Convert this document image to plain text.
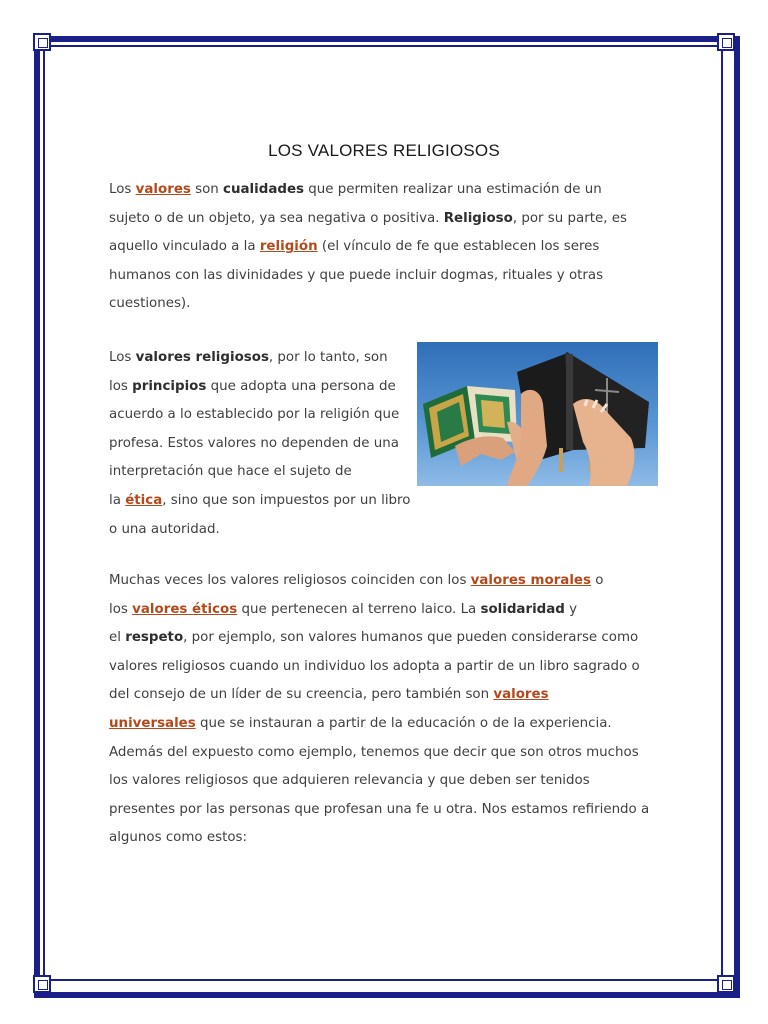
LOS VALORES RELIGIOSOS
Los valores son cualidades que permiten realizar una estimación de un
sujeto o de un objeto, ya sea negativa o positiva. Religioso, por su parte, es
aquello vinculado a la religión (el vínculo de fe que establecen los seres
humanos con las divinidades y que puede incluir dogmas, rituales y otras
cuestiones).
Los valores religiosos, por lo tanto, son
los principios que adopta una persona de
acuerdo a lo establecido por la religión que
profesa. Estos valores no dependen de una
interpretación que hace el sujeto de
la ética, sino que son impuestos por un libro
o una autoridad.
Muchas veces los valores religiosos coinciden con los valores morales o
los valores éticos que pertenecen al terreno laico. La solidaridad y
el respeto, por ejemplo, son valores humanos que pueden considerarse como
valores religiosos cuando un individuo los adopta a partir de un libro sagrado o
del consejo de un líder de su creencia, pero también son valores
universales que se instauran a partir de la educación o de la experiencia.
Además del expuesto como ejemplo, tenemos que decir que son otros muchos
los valores religiosos que adquieren relevancia y que deben ser tenidos
presentes por las personas que profesan una fe u otra. Nos estamos refiriendo a
algunos como estos:
